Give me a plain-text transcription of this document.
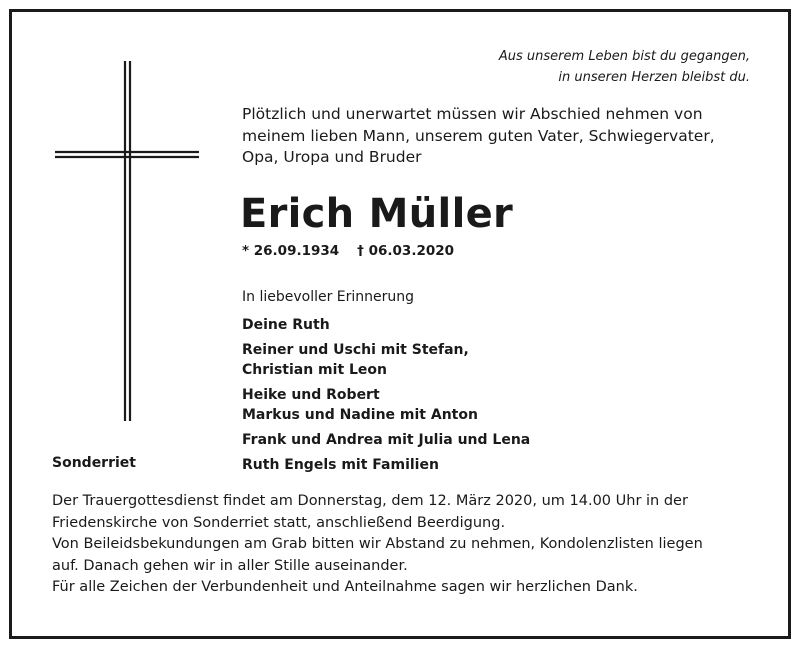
Aus unserem Leben bist du gegangen,
in unseren Herzen bleibst du.
Plötzlich und unerwartet müssen wir Abschied nehmen von
meinem lieben Mann, unserem guten Vater, Schwiegervater,
Opa, Uropa und Bruder
Erich Müller
* 26.09.1934 † 06.03.2020
In liebevoller Erinnerung
Deine Ruth
Reiner und Uschi mit Stefan,
Christian mit Leon
Heike und Robert
Markus und Nadine mit Anton
Frank und Andrea mit Julia und Lena
Ruth Engels mit Familien
Sonderriet
Der Trauergottesdienst findet am Donnerstag, dem 12. März 2020, um 14.00 Uhr in der
Friedenskirche von Sonderriet statt, anschließend Beerdigung.
Von Beileidsbekundungen am Grab bitten wir Abstand zu nehmen, Kondolenzlisten liegen
auf. Danach gehen wir in aller Stille auseinander.
Für alle Zeichen der Verbundenheit und Anteilnahme sagen wir herzlichen Dank.
